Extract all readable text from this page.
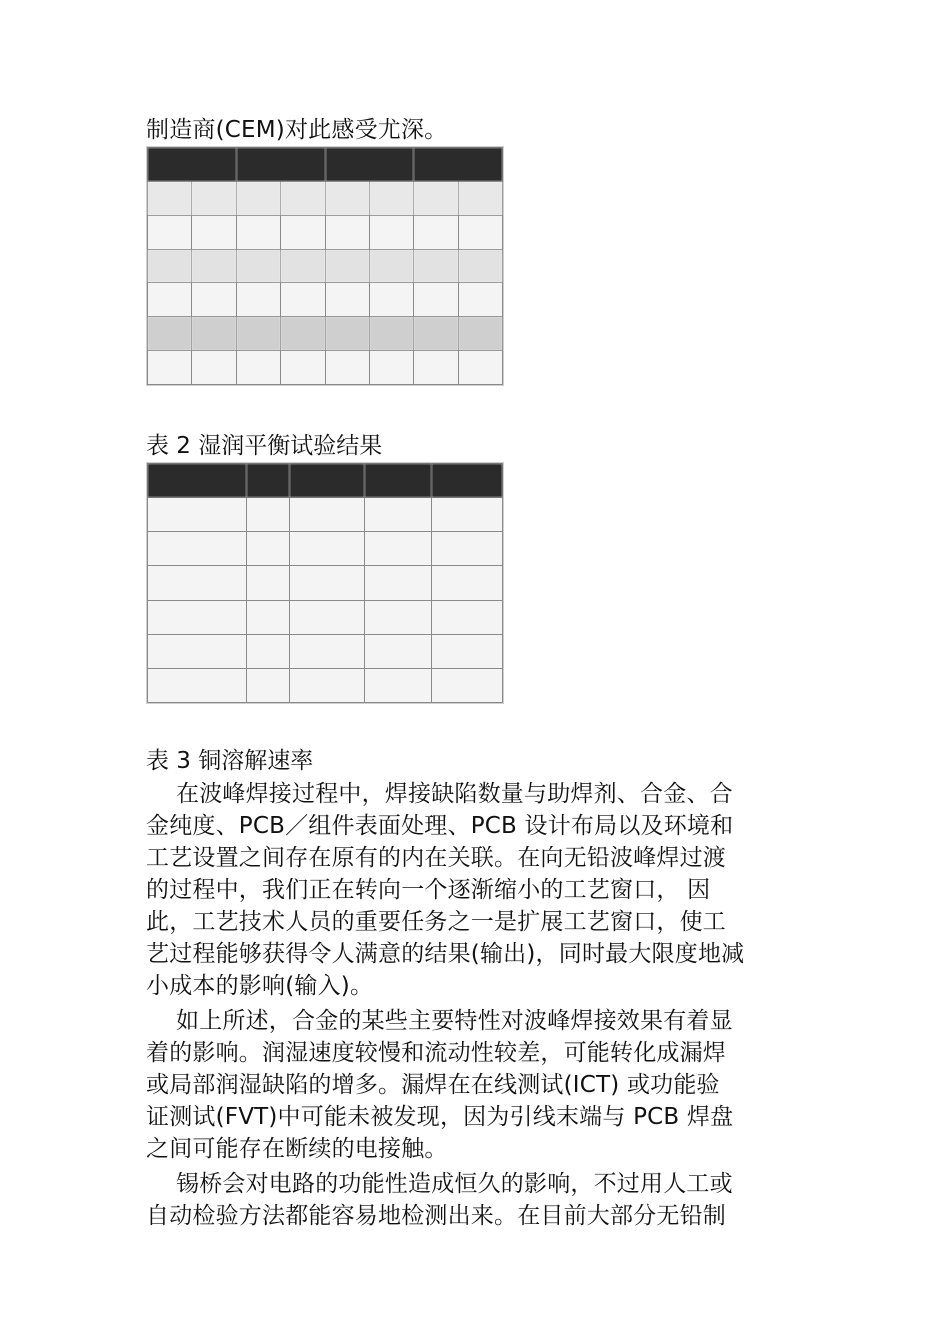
制造商(CEM)对此感受尤深。

表 2 湿润平衡试验结果

表 3 铜溶解速率
在波峰焊接过程中，焊接缺陷数量与助焊剂、合金、合
金纯度、PCB／组件表面处理、PCB 设计布局以及环境和
工艺设置之间存在原有的内在关联。在向无铅波峰焊过渡
的过程中，我们正在转向一个逐渐缩小的工艺窗口， 因
此，工艺技术人员的重要任务之一是扩展工艺窗口，使工
艺过程能够获得令人满意的结果(输出)，同时最大限度地减
小成本的影响(输入)。
如上所述，合金的某些主要特性对波峰焊接效果有着显
着的影响。润湿速度较慢和流动性较差，可能转化成漏焊
或局部润湿缺陷的增多。漏焊在在线测试(ICT) 或功能验
证测试(FVT)中可能未被发现，因为引线末端与 PCB 焊盘
之间可能存在断续的电接触。
锡桥会对电路的功能性造成恒久的影响，不过用人工或
自动检验方法都能容易地检测出来。在目前大部分无铅制
